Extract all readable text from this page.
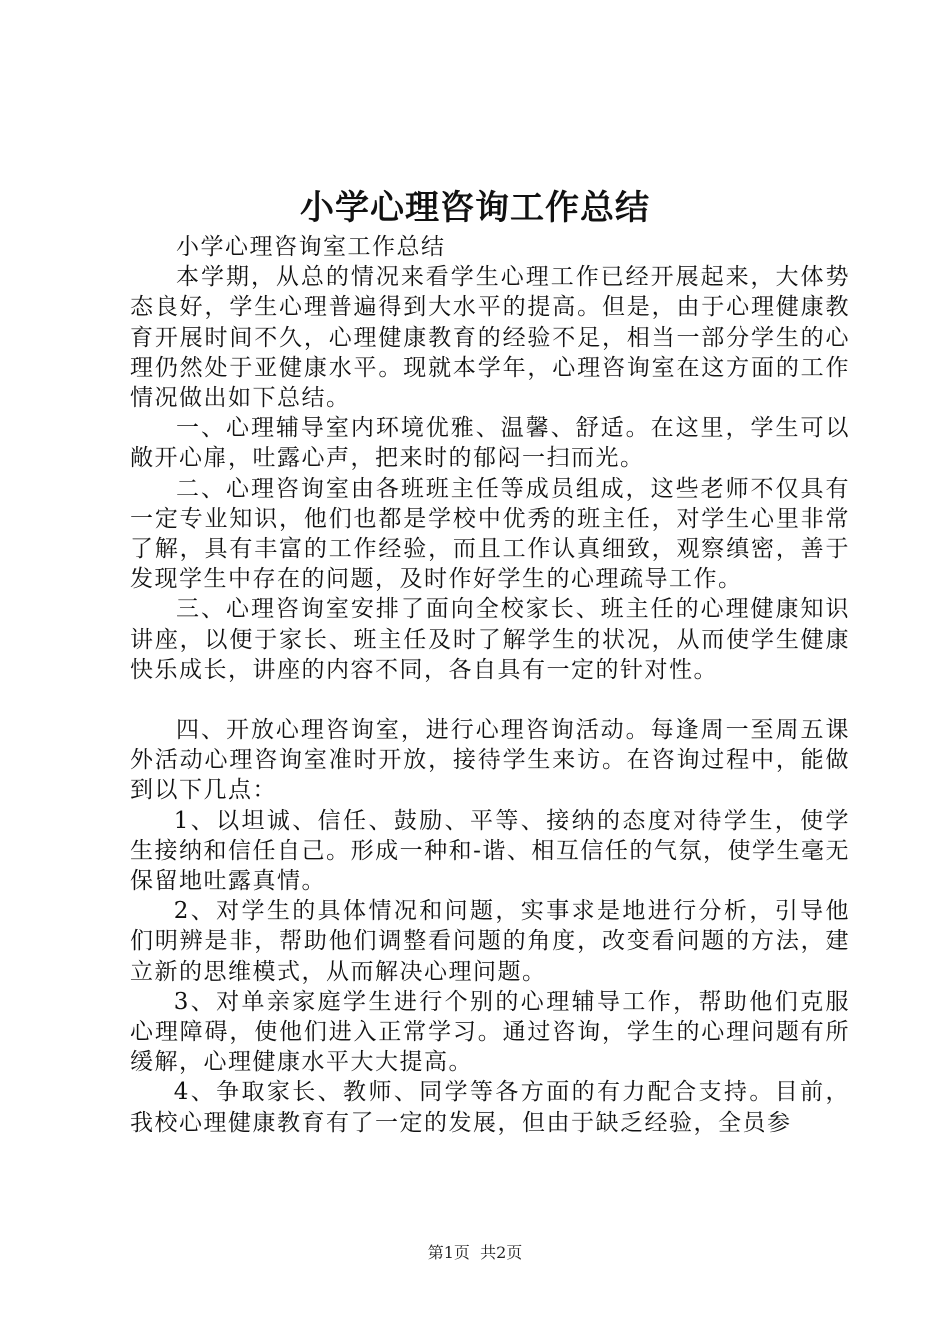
小学心理咨询工作总结

小学心理咨询室工作总结

本学期，从总的情况来看学生心理工作已经开展起来，大体势态良好，学生心理普遍得到大水平的提高。但是，由于心理健康教育开展时间不久，心理健康教育的经验不足，相当一部分学生的心理仍然处于亚健康水平。现就本学年，心理咨询室在这方面的工作情况做出如下总结。

一、心理辅导室内环境优雅、温馨、舒适。在这里，学生可以敞开心扉，吐露心声，把来时的郁闷一扫而光。

二、心理咨询室由各班班主任等成员组成，这些老师不仅具有一定专业知识，他们也都是学校中优秀的班主任，对学生心里非常了解，具有丰富的工作经验，而且工作认真细致，观察缜密，善于发现学生中存在的问题，及时作好学生的心理疏导工作。

三、心理咨询室安排了面向全校家长、班主任的心理健康知识讲座，以便于家长、班主任及时了解学生的状况，从而使学生健康快乐成长，讲座的内容不同，各自具有一定的针对性。

四、开放心理咨询室，进行心理咨询活动。每逢周一至周五课外活动心理咨询室准时开放，接待学生来访。在咨询过程中，能做到以下几点：

1、以坦诚、信任、鼓励、平等、接纳的态度对待学生，使学生接纳和信任自己。形成一种和-谐、相互信任的气氛，使学生毫无保留地吐露真情。

2、对学生的具体情况和问题，实事求是地进行分析，引导他们明辨是非，帮助他们调整看问题的角度，改变看问题的方法，建立新的思维模式，从而解决心理问题。

3、对单亲家庭学生进行个别的心理辅导工作，帮助他们克服心理障碍，使他们进入正常学习。通过咨询，学生的心理问题有所缓解，心理健康水平大大提高。

4、争取家长、教师、同学等各方面的有力配合支持。目前，我校心理健康教育有了一定的发展，但由于缺乏经验，全员参

第1页  共2页
